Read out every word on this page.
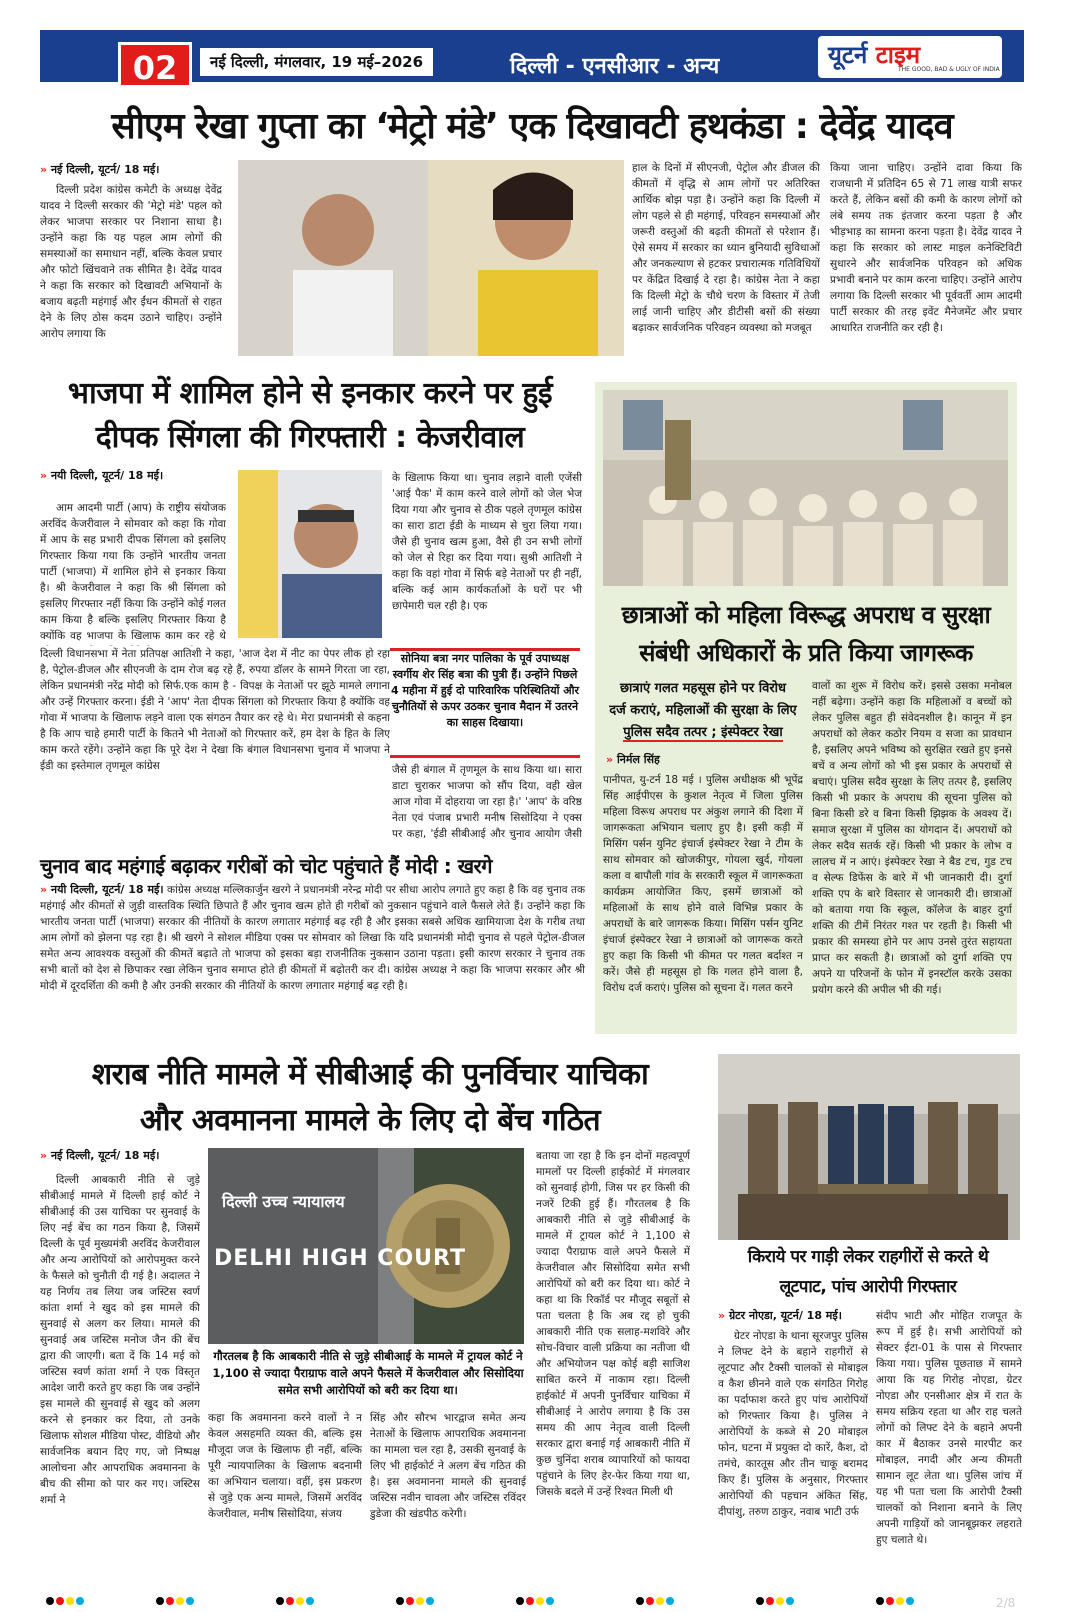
02	नई दिल्ली, मंगलवार, 19 मई–2026	दिल्ली - एनसीआर - अन्य	यूटर्न टाइम
THE GOOD, BAD & UGLY OF INDIA
सीएम रेखा गुप्ता का ‘मेट्रो मंडे’ एक दिखावटी हथकंडा : देवेंद्र यादव
» नई दिल्ली, यूटर्न/ 18 मई।
दिल्ली प्रदेश कांग्रेस कमेटी के अध्यक्ष देवेंद्र यादव ने दिल्ली सरकार की 'मेट्रो मंडे' पहल को लेकर भाजपा सरकार पर निशाना साधा है। उन्होंने कहा कि यह पहल आम लोगों की समस्याओं का समाधान नहीं, बल्कि केवल प्रचार और फोटो खिंचवाने तक सीमित है। देवेंद्र यादव ने कहा कि सरकार को दिखावटी अभियानों के बजाय बढ़ती महंगाई और ईंधन कीमतों से राहत देने के लिए ठोस कदम उठाने चाहिए। उन्होंने आरोप लगाया कि
हाल के दिनों में सीएनजी, पेट्रोल और डीजल की कीमतों में वृद्धि से आम लोगों पर अतिरिक्त आर्थिक बोझ पड़ा है। उन्होंने कहा कि दिल्ली में लोग पहले से ही महंगाई, परिवहन समस्याओं और जरूरी वस्तुओं की बढ़ती कीमतों से परेशान हैं। ऐसे समय में सरकार का ध्यान बुनियादी सुविधाओं और जनकल्याण से हटकर प्रचारात्मक गतिविधियों पर केंद्रित दिखाई दे रहा है। कांग्रेस नेता ने कहा कि दिल्ली मेट्रो के चौथे चरण के विस्तार में तेजी लाई जानी चाहिए और डीटीसी बसों की संख्या बढ़ाकर सार्वजनिक परिवहन व्यवस्था को मजबूत
किया जाना चाहिए। उन्होंने दावा किया कि राजधानी में प्रतिदिन 65 से 71 लाख यात्री सफर करते हैं, लेकिन बसों की कमी के कारण लोगों को लंबे समय तक इंतजार करना पड़ता है और भीड़भाड़ का सामना करना पड़ता है। देवेंद्र यादव ने कहा कि सरकार को लास्ट माइल कनेक्टिविटी सुधारने और सार्वजनिक परिवहन को अधिक प्रभावी बनाने पर काम करना चाहिए। उन्होंने आरोप लगाया कि दिल्ली सरकार भी पूर्ववर्ती आम आदमी पार्टी सरकार की तरह इवेंट मैनेजमेंट और प्रचार आधारित राजनीति कर रही है।
भाजपा में शामिल होने से इनकार करने पर हुई
दीपक सिंगला की गिरफ्तारी : केजरीवाल
» नयी दिल्ली, यूटर्न/ 18 मई।
आम आदमी पार्टी (आप) के राष्ट्रीय संयोजक अरविंद केजरीवाल ने सोमवार को कहा कि गोवा में आप के सह प्रभारी दीपक सिंगला को इसलिए गिरफ्तार किया गया कि उन्होंने भारतीय जनता पार्टी (भाजपा) में शामिल होने से इनकार किया है। श्री केजरीवाल ने कहा कि श्री सिंगला को इसलिए गिरफ्तार नहीं किया कि उन्होंने कोई गलत काम किया है बल्कि इसलिए गिरफ्तार किया है क्योंकि वह भाजपा के खिलाफ काम कर रहे थे
दिल्ली विधानसभा में नेता प्रतिपक्ष आतिशी ने कहा, 'आज देश में नीट का पेपर लीक हो रहा है, पेट्रोल-डीजल और सीएनजी के दाम रोज बढ़ रहे हैं, रुपया डॉलर के सामने गिरता जा रहा, लेकिन प्रधानमंत्री नरेंद्र मोदी को सिर्फ.एक काम है - विपक्ष के नेताओं पर झूठे मामले लगाना और उन्हें गिरफ्तार करना। ईडी ने 'आप' नेता दीपक सिंगला को गिरफ्तार किया है क्योंकि वह गोवा में भाजपा के खिलाफ लड़ने वाला एक संगठन तैयार कर रहे थे। मेरा प्रधानमंत्री से कहना है कि आप चाहे हमारी पार्टी के कितने भी नेताओं को गिरफ्तार करें, हम देश के हित के लिए काम करते रहेंगे। उन्होंने कहा कि पूरे देश ने देखा कि बंगाल विधानसभा चुनाव में भाजपा ने ईडी का इस्तेमाल तृणमूल कांग्रेस
के खिलाफ किया था। चुनाव लड़ाने वाली एजेंसी 'आई पैक' में काम करने वाले लोगों को जेल भेज दिया गया और चुनाव से ठीक पहले तृणमूल कांग्रेस का सारा डाटा ईडी के माध्यम से चुरा लिया गया। जैसे ही चुनाव खत्म हुआ, वैसे ही उन सभी लोगों को जेल से रिहा कर दिया गया। सुश्री आतिशी ने कहा कि वहां गोवा में सिर्फ बड़े नेताओं पर ही नहीं, बल्कि कई आम कार्यकर्ताओं के घरों पर भी छापेमारी चल रही है। एक
सोनिया बत्रा नगर पालिका के पूर्व उपाध्यक्ष स्वर्गीय शेर सिंह बत्रा की पुत्री हैं। उन्होंने पिछले 4 महीना में हुई दो पारिवारिक परिस्थितियों और चुनौतियों से ऊपर उठकर चुनाव मैदान में उतरने का साहस दिखाया।
जैसे ही बंगाल में तृणमूल के साथ किया था। सारा डाटा चुराकर भाजपा को सौंप दिया, वही खेल आज गोवा में दोहराया जा रहा है।' 'आप' के वरिष्ठ नेता एवं पंजाब प्रभारी मनीष सिसोदिया ने एक्स पर कहा, 'ईडी सीबीआई और चुनाव आयोग जैसी
चुनाव बाद महंगाई बढ़ाकर गरीबों को चोट पहुंचाते हैं मोदी : खरगे
» नयी दिल्ली, यूटर्न/ 18 मई। कांग्रेस अध्यक्ष मल्लिकार्जुन खरगे ने प्रधानमंत्री नरेन्द्र मोदी पर सीधा आरोप लगाते हुए कहा है कि वह चुनाव तक महंगाई और कीमतों से जुड़ी वास्तविक स्थिति छिपाते हैं और चुनाव खत्म होते ही गरीबों को नुकसान पहुंचाने वाले फैसले लेते हैं। उन्होंने कहा कि भारतीय जनता पार्टी (भाजपा) सरकार की नीतियों के कारण लगातार महंगाई बढ़ रही है और इसका सबसे अधिक खामियाजा देश के गरीब तथा आम लोगों को झेलना पड़ रहा है। श्री खरगे ने सोशल मीडिया एक्स पर सोमवार को लिखा कि यदि प्रधानमंत्री मोदी चुनाव से पहले पेट्रोल-डीजल समेत अन्य आवश्यक वस्तुओं की कीमतें बढ़ाते तो भाजपा को इसका बड़ा राजनीतिक नुकसान उठाना पड़ता। इसी कारण सरकार ने चुनाव तक सभी बातों को देश से छिपाकर रखा लेकिन चुनाव समाप्त होते ही कीमतों में बढ़ोतरी कर दी। कांग्रेस अध्यक्ष ने कहा कि भाजपा सरकार और श्री मोदी में दूरदर्शिता की कमी है और उनकी सरकार की नीतियों के कारण लगातार महंगाई बढ़ रही है।
छात्राओं को महिला विरूद्ध अपराध व सुरक्षा
संबंधी अधिकारों के प्रति किया जागरूक
छात्राएं गलत महसूस होने पर विरोध
दर्ज कराएं, महिलाओं की सुरक्षा के लिए
पुलिस सदैव तत्पर ; इंस्पेक्टर रेखा
» निर्मल सिंह
पानीपत, यु-टर्न 18 मई । पुलिस अधीक्षक श्री भूपेंद्र सिंह आईपीएस के कुशल नेतृत्व में जिला पुलिस महिला विरूध अपराध पर अंकुश लगाने की दिशा में जागरूकता अभियान चलाए हुए है। इसी कड़ी में मिसिंग पर्सन युनिट इंचार्ज इंस्पेक्टर रेखा ने टीम के साथ सोमवार को खोजकीपुर, गोयला खुर्द, गोयला कला व बापौली गांव के सरकारी स्कूल में जागरूकता कार्यक्रम आयोजित किए, इसमें छात्राओं को महिलाओं के साथ होने वाले विभिन्न प्रकार के अपराधों के बारे जागरूक किया। मिसिंग पर्सन युनिट इंचार्ज इंस्पेक्टर रेखा ने छात्राओं को जागरूक करते हुए कहा कि किसी भी कीमत पर गलत बर्दाश्त न करें। जैसे ही महसूस हो कि गलत होने वाला है, विरोध दर्ज कराएं। पुलिस को सूचना दें। गलत करने
वालों का शुरू में विरोध करें। इससे उसका मनोबल नहीं बढ़ेगा। उन्होंने कहा कि महिलाओं व बच्चों को लेकर पुलिस बहुत ही संवेदनशील है। कानून में इन अपराधों को लेकर कठोर नियम व सजा का प्रावधान है, इसलिए अपने भविष्य को सुरक्षित रखते हुए इनसे बचें व अन्य लोगों को भी इस प्रकार के अपराधों से बचाएं। पुलिस सदैव सुरक्षा के लिए तत्पर है, इसलिए किसी भी प्रकार के अपराध की सूचना पुलिस को बिना किसी डरे व बिना किसी झिझक के अवश्य दें। समाज सुरक्षा में पुलिस का योगदान दें। अपराधों को लेकर सदैव सतर्क रहें। किसी भी प्रकार के लोभ व लालच में न आएं। इंस्पेक्टर रेखा ने बैड टच, गुड टच व सेल्फ डिफेंस के बारे में भी जानकारी दी। दुर्गा शक्ति एप के बारे विस्तार से जानकारी दी। छात्राओं को बताया गया कि स्कूल, कॉलेज के बाहर दुर्गा शक्ति की टीमें निरंतर गश्त पर रहती है। किसी भी प्रकार की समस्या होने पर आप उनसे तुरंत सहायता प्राप्त कर सकती है। छात्राओं को दुर्गा शक्ति एप अपने या परिजनों के फोन में इनस्टॉल करके उसका प्रयोग करने की अपील भी की गई।
शराब नीति मामले में सीबीआई की पुनर्विचार याचिका
और अवमानना मामले के लिए दो बेंच गठित
» नई दिल्ली, यूटर्न/ 18 मई।
दिल्ली आबकारी नीति से जुड़े सीबीआई मामले में दिल्ली हाई कोर्ट ने सीबीआई की उस याचिका पर सुनवाई के लिए नई बेंच का गठन किया है, जिसमें दिल्ली के पूर्व मुख्यमंत्री अरविंद केजरीवाल और अन्य आरोपियों को आरोपमुक्त करने के फैसले को चुनौती दी गई है। अदालत ने यह निर्णय तब लिया जब जस्टिस स्वर्ण कांता शर्मा ने खुद को इस मामले की सुनवाई से अलग कर लिया। मामले की सुनवाई अब जस्टिस मनोज जैन की बेंच द्वारा की जाएगी। बता दें कि 14 मई को जस्टिस स्वर्ण कांता शर्मा ने एक विस्तृत आदेश जारी करते हुए कहा कि जब उन्होंने इस मामले की सुनवाई से खुद को अलग करने से इनकार कर दिया, तो उनके खिलाफ सोशल मीडिया पोस्ट, वीडियो और सार्वजनिक बयान दिए गए, जो निष्पक्ष आलोचना और आपराधिक अवमानना के बीच की सीमा को पार कर गए। जस्टिस शर्मा ने
दिल्ली उच्च न्यायालय
DELHI HIGH COURT
गौरतलब है कि आबकारी नीति से जुड़े सीबीआई के मामले में ट्रायल कोर्ट ने 1,100 से ज्यादा पैराग्राफ वाले अपने फैसले में केजरीवाल और सिसोदिया समेत सभी आरोपियों को बरी कर दिया था।
कहा कि अवमानना करने वालों ने न केवल असहमति व्यक्त की, बल्कि इस मौजूदा जज के खिलाफ ही नहीं, बल्कि पूरी न्यायपालिका के खिलाफ बदनामी का अभियान चलाया। वहीं, इस प्रकरण से जुड़े एक अन्य मामले, जिसमें अरविंद केजरीवाल, मनीष सिसोदिया, संजय
सिंह और सौरभ भारद्वाज समेत अन्य नेताओं के खिलाफ आपराधिक अवमानना का मामला चल रहा है, उसकी सुनवाई के लिए भी हाईकोर्ट ने अलग बेंच गठित की है। इस अवमानना मामले की सुनवाई जस्टिस नवीन चावला और जस्टिस रविंदर डुडेजा की खंडपीठ करेगी।
बताया जा रहा है कि इन दोनों महत्वपूर्ण मामलों पर दिल्ली हाईकोर्ट में मंगलवार को सुनवाई होगी, जिस पर हर किसी की नजरें टिकी हुई हैं। गौरतलब है कि आबकारी नीति से जुड़े सीबीआई के मामले में ट्रायल कोर्ट ने 1,100 से ज्यादा पैराग्राफ वाले अपने फैसले में केजरीवाल और सिसोदिया समेत सभी आरोपियों को बरी कर दिया था। कोर्ट ने कहा था कि रिकॉर्ड पर मौजूद सबूतों से पता चलता है कि अब रद्द हो चुकी आबकारी नीति एक सलाह-मशविरे और सोच-विचार वाली प्रक्रिया का नतीजा थी और अभियोजन पक्ष कोई बड़ी साजिश साबित करने में नाकाम रहा। दिल्ली हाईकोर्ट में अपनी पुनर्विचार याचिका में सीबीआई ने आरोप लगाया है कि उस समय की आप नेतृत्व वाली दिल्ली सरकार द्वारा बनाई गई आबकारी नीति में कुछ चुनिंदा शराब व्यापारियों को फायदा पहुंचाने के लिए हेर-फेर किया गया था, जिसके बदले में उन्हें रिश्वत मिली थी
किराये पर गाड़ी लेकर राहगीरों से करते थे
लूटपाट, पांच आरोपी गिरफ्तार
» ग्रेटर नोएडा, यूटर्न/ 18 मई।
ग्रेटर नोएडा के थाना सूरजपुर पुलिस ने लिफ्ट देने के बहाने राहगीरों से लूटपाट और टैक्सी चालकों से मोबाइल व कैश छीनने वाले एक संगठित गिरोह का पर्दाफाश करते हुए पांच आरोपियों को गिरफ्तार किया है। पुलिस ने आरोपियों के कब्जे से 20 मोबाइल फोन, घटना में प्रयुक्त दो कारें, कैश, दो तमंचे, कारतूस और तीन चाकू बरामद किए हैं। पुलिस के अनुसार, गिरफ्तार आरोपियों की पहचान अंकित सिंह, दीपांशु, तरुण ठाकुर, नवाब भाटी उर्फ
संदीप भाटी और मोहित राजपूत के रूप में हुई है। सभी आरोपियों को सेक्टर ईटा-01 के पास से गिरफ्तार किया गया। पुलिस पूछताछ में सामने आया कि यह गिरोह नोएडा, ग्रेटर नोएडा और एनसीआर क्षेत्र में रात के समय सक्रिय रहता था और राह चलते लोगों को लिफ्ट देने के बहाने अपनी कार में बैठाकर उनसे मारपीट कर मोबाइल, नगदी और अन्य कीमती सामान लूट लेता था। पुलिस जांच में यह भी पता चला कि आरोपी टैक्सी चालकों को निशाना बनाने के लिए अपनी गाड़ियों को जानबूझकर लहराते हुए चलाते थे।
2/8
